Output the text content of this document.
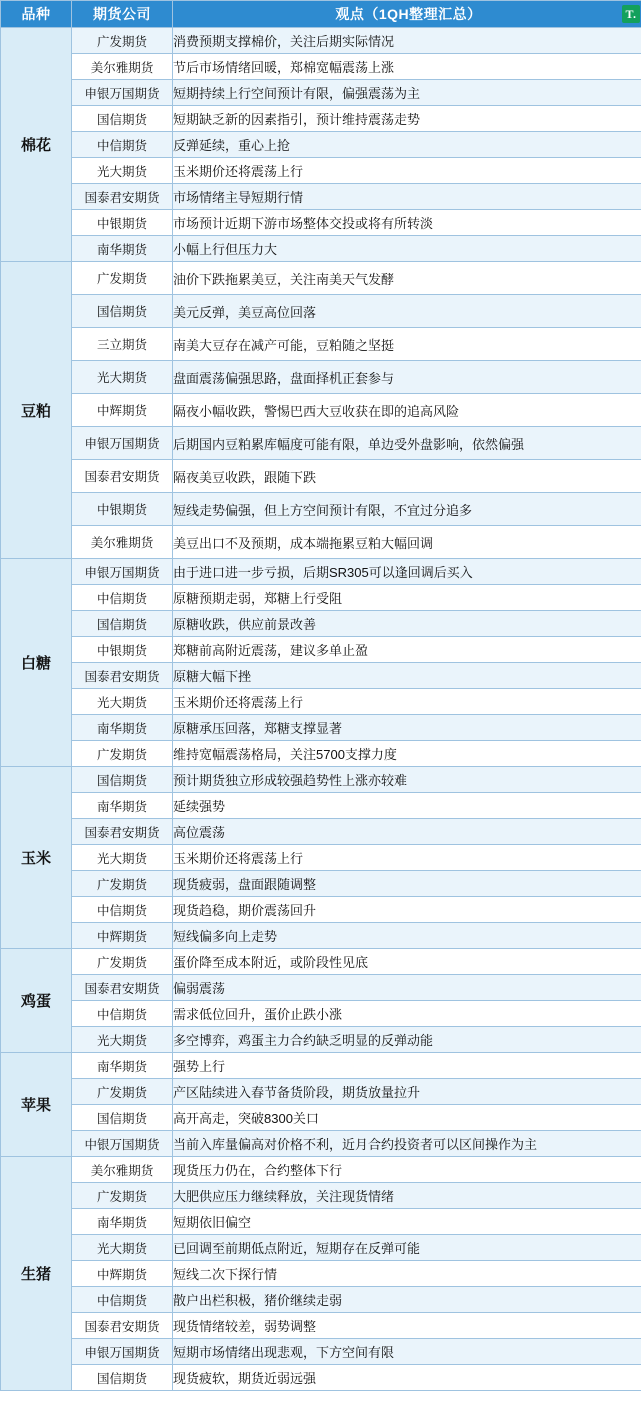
品种	期货公司	观点（1QH整理汇总） T.

棉花	广发期货	消费预期支撑棉价，关注后期实际情况
	美尔雅期货	节后市场情绪回暖，郑棉宽幅震荡上涨
	申银万国期货	短期持续上行空间预计有限，偏强震荡为主
	国信期货	短期缺乏新的因素指引，预计维持震荡走势
	中信期货	反弹延续，重心上抢
	光大期货	玉米期价还将震荡上行
	国泰君安期货	市场情绪主导短期行情
	中银期货	市场预计近期下游市场整体交投或将有所转淡
	南华期货	小幅上行但压力大
豆粕	广发期货	油价下跌拖累美豆，关注南美天气发酵
	国信期货	美元反弹，美豆高位回落
	三立期货	南美大豆存在减产可能，豆粕随之坚挺
	光大期货	盘面震荡偏强思路，盘面择机正套参与
	中辉期货	隔夜小幅收跌，警惕巴西大豆收获在即的追高风险
	申银万国期货	后期国内豆粕累库幅度可能有限，单边受外盘影响，依然偏强
	国泰君安期货	隔夜美豆收跌，跟随下跌
	中银期货	短线走势偏强，但上方空间预计有限，不宜过分追多
	美尔雅期货	美豆出口不及预期，成本端拖累豆粕大幅回调
白糖	申银万国期货	由于进口进一步亏损，后期SR305可以逢回调后买入
	中信期货	原糖预期走弱，郑糖上行受阻
	国信期货	原糖收跌，供应前景改善
	中银期货	郑糖前高附近震荡，建议多单止盈
	国泰君安期货	原糖大幅下挫
	光大期货	玉米期价还将震荡上行
	南华期货	原糖承压回落，郑糖支撑显著
	广发期货	维持宽幅震荡格局，关注5700支撑力度
玉米	国信期货	预计期货独立形成较强趋势性上涨亦较难
	南华期货	延续强势
	国泰君安期货	高位震荡
	光大期货	玉米期价还将震荡上行
	广发期货	现货疲弱，盘面跟随调整
	中信期货	现货趋稳，期价震荡回升
	中辉期货	短线偏多向上走势
鸡蛋	广发期货	蛋价降至成本附近，或阶段性见底
	国泰君安期货	偏弱震荡
	中信期货	需求低位回升，蛋价止跌小涨
	光大期货	多空博弈，鸡蛋主力合约缺乏明显的反弹动能
苹果	南华期货	强势上行
	广发期货	产区陆续进入春节备货阶段，期货放量拉升
	国信期货	高开高走，突破8300关口
	中银万国期货	当前入库量偏高对价格不利，近月合约投资者可以区间操作为主
生猪	美尔雅期货	现货压力仍在，合约整体下行
	广发期货	大肥供应压力继续释放，关注现货情绪
	南华期货	短期依旧偏空
	光大期货	已回调至前期低点附近，短期存在反弹可能
	中辉期货	短线二次下探行情
	中信期货	散户出栏积极，猪价继续走弱
	国泰君安期货	现货情绪较差，弱势调整
	申银万国期货	短期市场情绪出现悲观，下方空间有限
	国信期货	现货疲软，期货近弱远强
